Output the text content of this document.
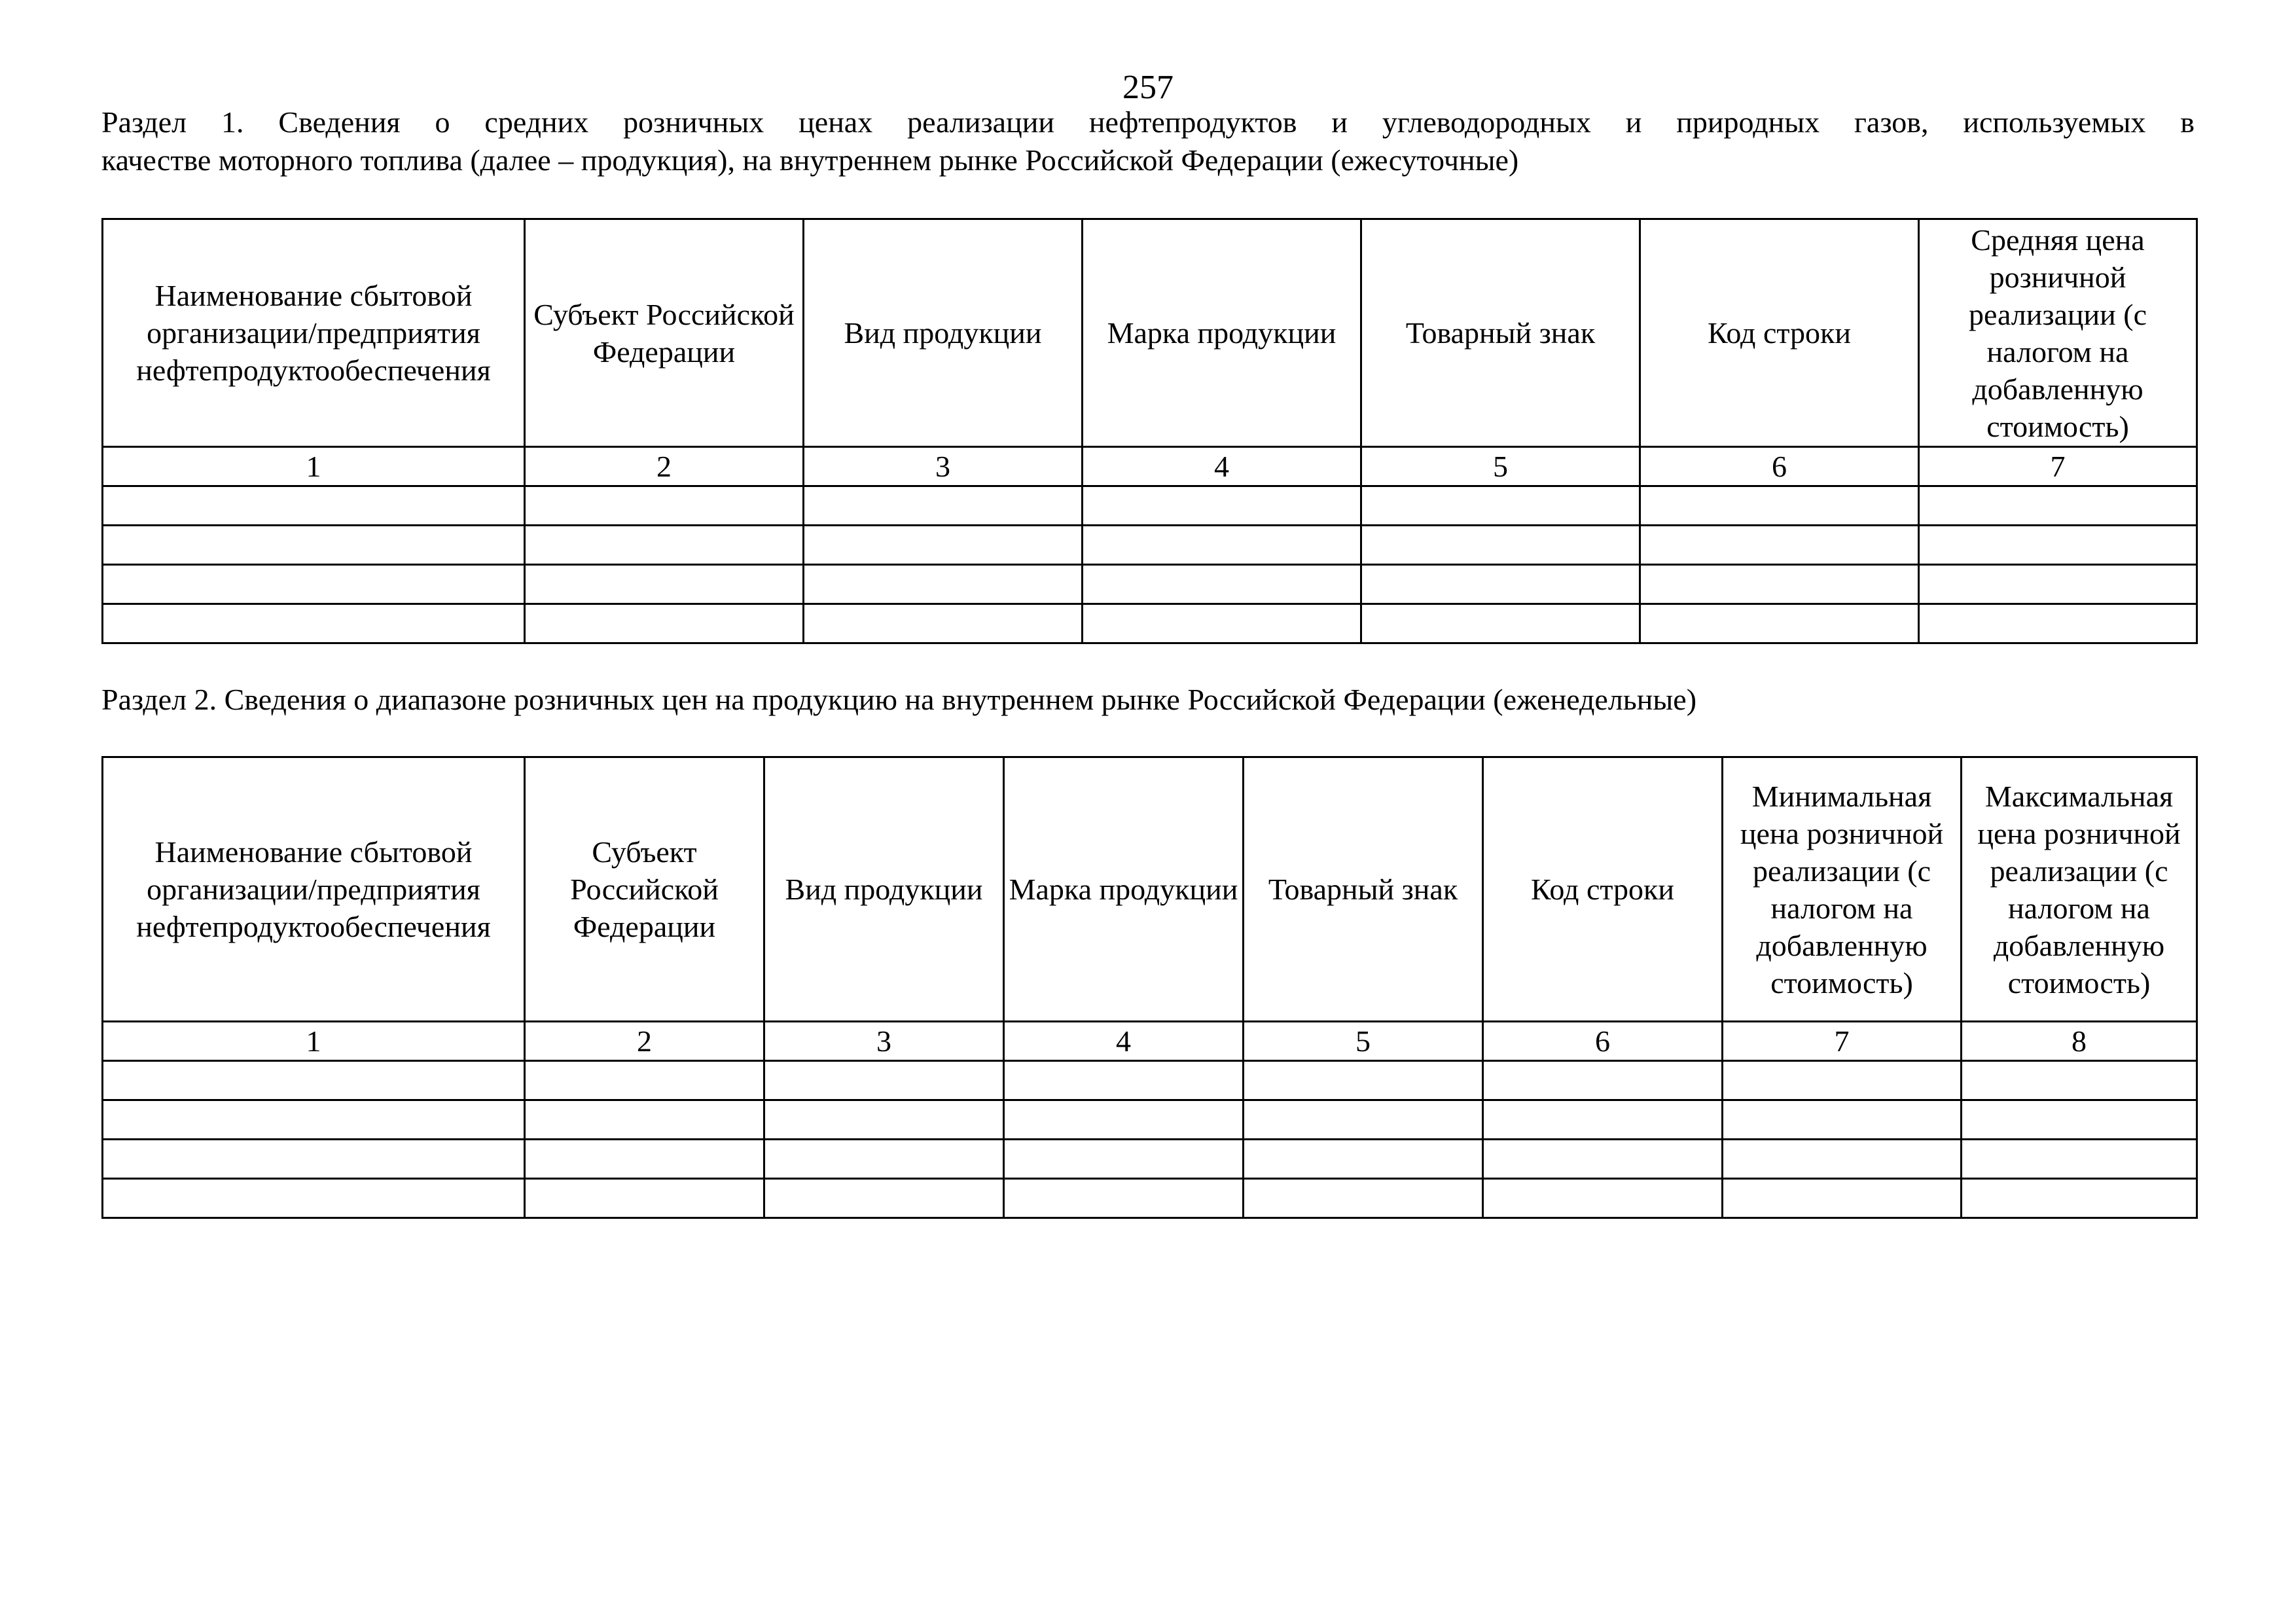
257
Раздел 1. Сведения о средних розничных ценах реализации нефтепродуктов и углеводородных и природных газов, используемых в
качестве моторного топлива (далее – продукция), на внутреннем рынке Российской Федерации (ежесуточные)
Наименование сбытовой организации/предприятия нефтепродуктообеспечения	Субъект Российской Федерации	Вид продукции	Марка продукции	Товарный знак	Код строки	Средняя цена розничной реализации (с налогом на добавленную стоимость)

1	2	3	4	5	6	7

Раздел 2. Сведения о диапазоне розничных цен на продукцию на внутреннем рынке Российской Федерации (еженедельные)
Наименование сбытовой организации/предприятия нефтепродуктообеспечения	Субъект Российской Федерации	Вид продукции	Марка продукции	Товарный знак	Код строки	Минимальная цена розничной реализации (с налогом на добавленную стоимость)	Максимальная цена розничной реализации (с налогом на добавленную стоимость)

1	2	3	4	5	6	7	8
